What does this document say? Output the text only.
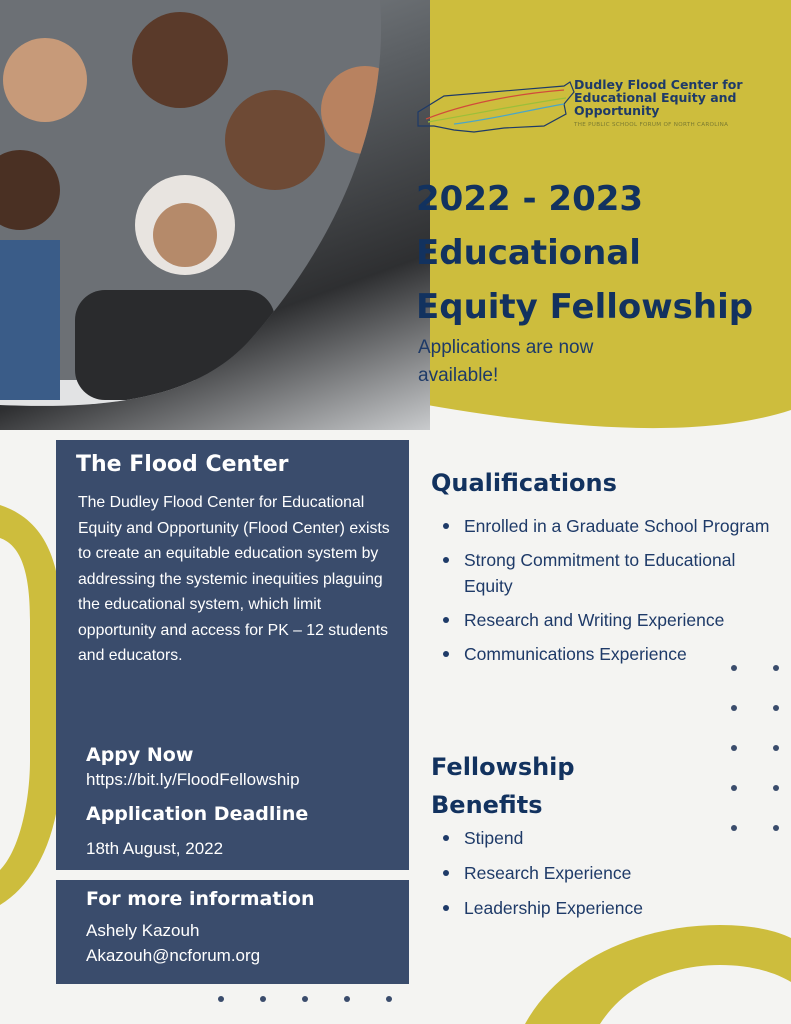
Dudley Flood Center for
Educational Equity and
Opportunity
THE PUBLIC SCHOOL FORUM OF NORTH CAROLINA
2022 - 2023
Educational
Equity Fellowship
Applications are now available!
The Flood Center
The Dudley Flood Center for Educational Equity and Opportunity (Flood Center) exists to create an equitable education system by addressing the systemic inequities plaguing the educational system, which limit opportunity and access for PK – 12 students and educators.
Appy Now
https://bit.ly/FloodFellowship
Application Deadline
18th August, 2022
For more information
Ashely Kazouh
Akazouh@ncforum.org
Qualifications
Enrolled in a Graduate School Program
Strong Commitment to Educational Equity
Research and Writing Experience
Communications Experience
Fellowship Benefits
Stipend
Research Experience
Leadership Experience
